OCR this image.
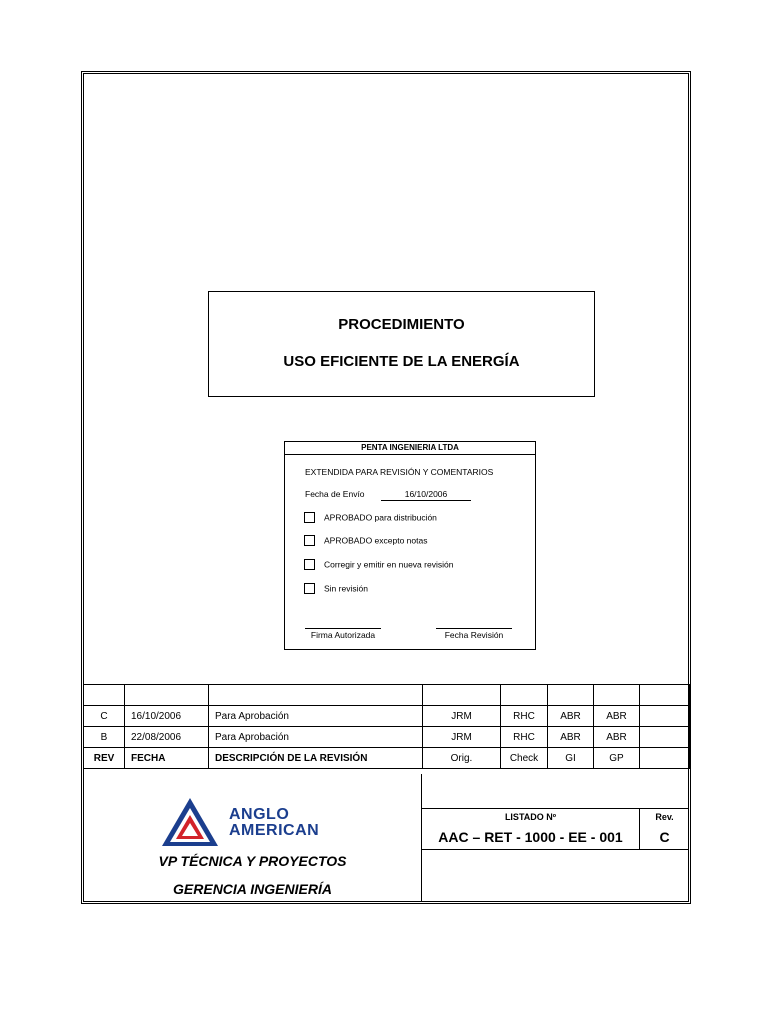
PROCEDIMIENTO
USO EFICIENTE DE LA ENERGÍA
PENTA INGENIERIA LTDA
EXTENDIDA PARA REVISIÓN Y COMENTARIOS
Fecha de Envío	16/10/2006
APROBADO para distribución
APROBADO excepto notas
Corregir y emitir en nueva revisión
Sin revisión
Firma Autorizada	Fecha Revisión

C	16/10/2006	Para Aprobación	JRM	RHC	ABR	ABR	
B	22/08/2006	Para Aprobación	JRM	RHC	ABR	ABR	
REV	FECHA	DESCRIPCIÓN DE LA REVISIÓN	Orig.	Check	GI	GP	
ANGLO
AMERICAN
VP TÉCNICA Y PROYECTOS
GERENCIA INGENIERÍA
LISTADO Nº
AAC – RET - 1000 - EE - 001
Rev.
C
